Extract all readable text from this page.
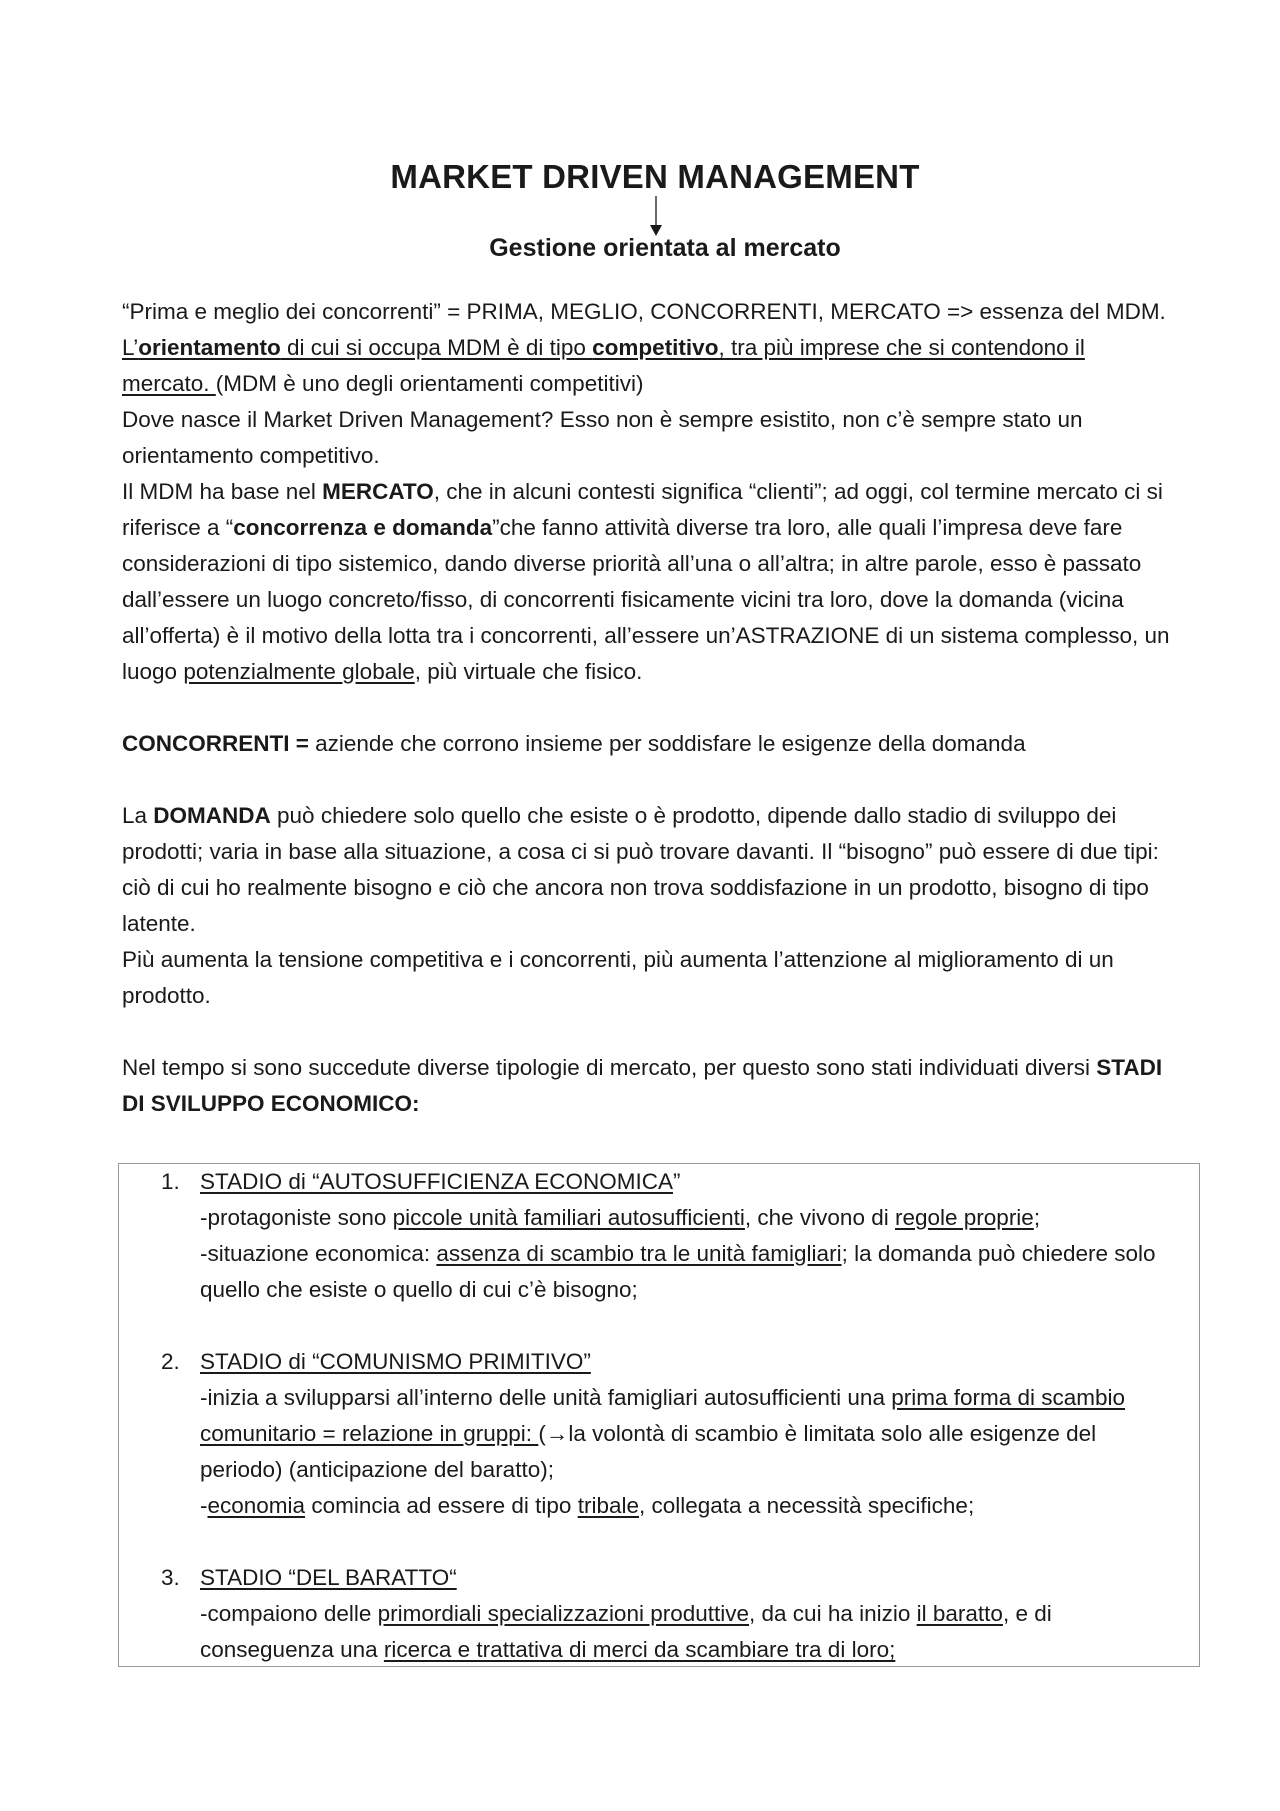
MARKET DRIVEN MANAGEMENT
Gestione orientata al mercato

“Prima e meglio dei concorrenti” = PRIMA, MEGLIO, CONCORRENTI, MERCATO => essenza del MDM.

L’orientamento di cui si occupa MDM è di tipo competitivo, tra più imprese che si contendono il mercato. (MDM è uno degli orientamenti competitivi)

Dove nasce il Market Driven Management? Esso non è sempre esistito, non c’è sempre stato un orientamento competitivo.

Il MDM ha base nel MERCATO, che in alcuni contesti significa “clienti”; ad oggi, col termine mercato ci si riferisce a “concorrenza e domanda”che fanno attività diverse tra loro, alle quali l’impresa deve fare considerazioni di tipo sistemico, dando diverse priorità all’una o all’altra; in altre parole, esso è passato dall’essere un luogo concreto/fisso, di concorrenti fisicamente vicini tra loro, dove la domanda (vicina all’offerta) è il motivo della lotta tra i concorrenti, all’essere un’ASTRAZIONE di un sistema complesso, un luogo potenzialmente globale, più virtuale che fisico.

CONCORRENTI = aziende che corrono insieme per soddisfare le esigenze della domanda

La DOMANDA può chiedere solo quello che esiste o è prodotto, dipende dallo stadio di sviluppo dei prodotti; varia in base alla situazione, a cosa ci si può trovare davanti. Il “bisogno” può essere di due tipi: ciò di cui ho realmente bisogno e ciò che ancora non trova soddisfazione in un prodotto, bisogno di tipo latente.

Più aumenta la tensione competitiva e i concorrenti, più aumenta l’attenzione al miglioramento di un prodotto.

Nel tempo si sono succedute diverse tipologie di mercato, per questo sono stati individuati diversi STADI DI SVILUPPO ECONOMICO:

1. STADIO di “AUTOSUFFICIENZA ECONOMICA”
-protagoniste sono piccole unità familiari autosufficienti, che vivono di regole proprie;
-situazione economica: assenza di scambio tra le unità famigliari; la domanda può chiedere solo quello che esiste o quello di cui c’è bisogno;
2. STADIO di “COMUNISMO PRIMITIVO”
-inizia a svilupparsi all’interno delle unità famigliari autosufficienti una prima forma di scambio comunitario = relazione in gruppi: (→la volontà di scambio è limitata solo alle esigenze del periodo) (anticipazione del baratto);
-economia comincia ad essere di tipo tribale, collegata a necessità specifiche;
3. STADIO “DEL BARATTO“
-compaiono delle primordiali specializzazioni produttive, da cui ha inizio il baratto, e di conseguenza una ricerca e trattativa di merci da scambiare tra di loro;
